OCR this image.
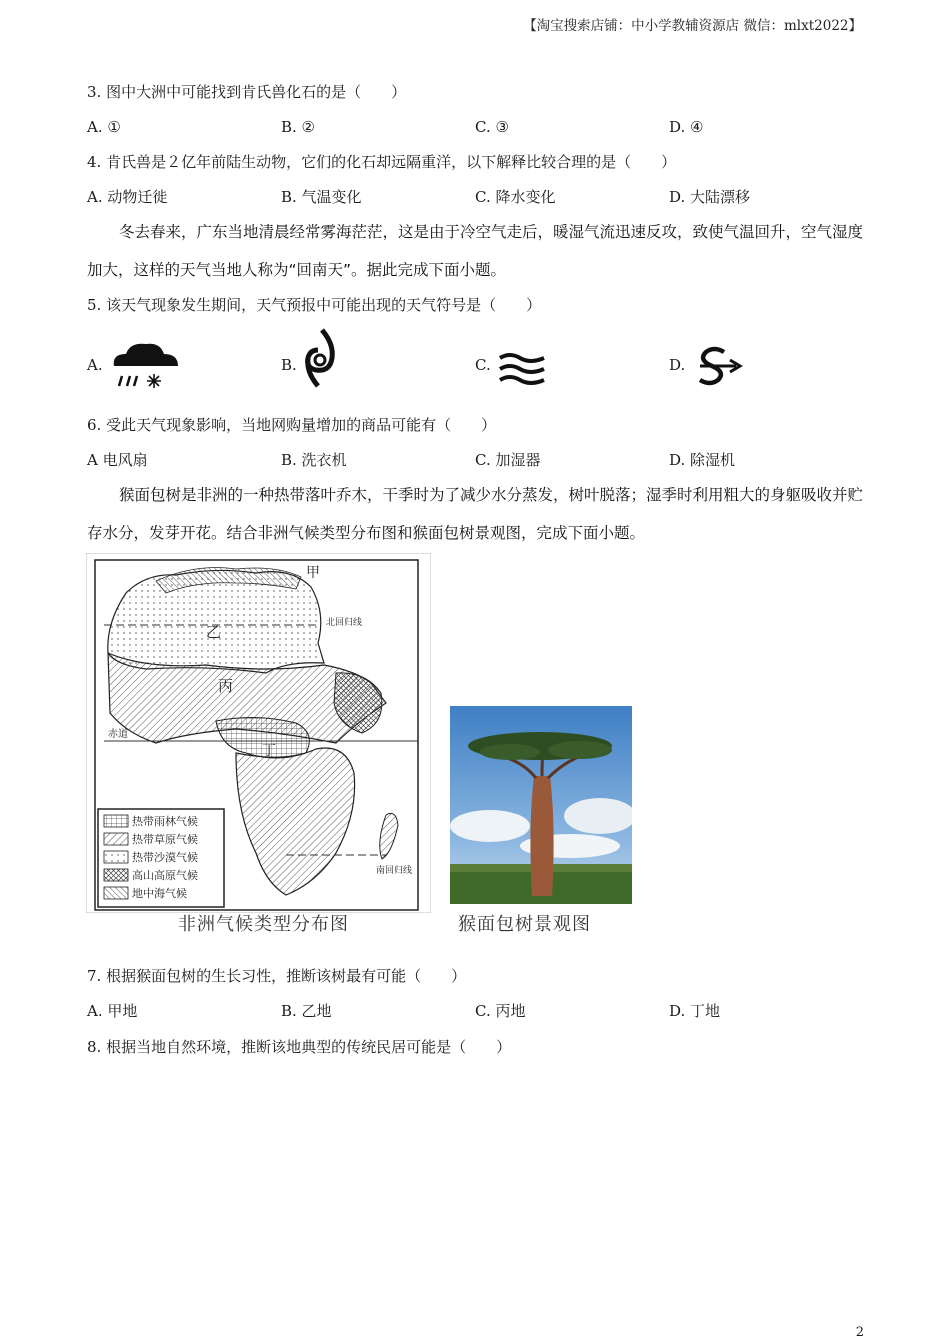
【淘宝搜索店铺：中小学教辅资源店 微信：mlxt2022】
3. 图中大洲中可能找到肯氏兽化石的是（　　）
A. ①	B. ②	C. ③	D. ④
4. 肯氏兽是２亿年前陆生动物，它们的化石却远隔重洋，以下解释比较合理的是（　　）
A. 动物迁徙	B. 气温变化	C. 降水变化	D. 大陆漂移
冬去春来，广东当地清晨经常雾海茫茫，这是由于冷空气走后，暖湿气流迅速反攻，致使气温回升，空气湿度加大，这样的天气当地人称为“回南天”。据此完成下面小题。
5. 该天气现象发生期间，天气预报中可能出现的天气符号是（　　）
A.	B.	C.	D.
6. 受此天气现象影响，当地网购量增加的商品可能有（　　）
A 电风扇	B. 洗衣机	C. 加湿器	D. 除湿机
猴面包树是非洲的一种热带落叶乔木，干季时为了减少水分蒸发，树叶脱落；湿季时利用粗大的身躯吸收并贮存水分，发芽开花。结合非洲气候类型分布图和猴面包树景观图，完成下面小题。
甲
乙
丙
丁
北回归线
赤道
南回归线
热带雨林气候
热带草原气候
热带沙漠气候
高山高原气候
地中海气候
非洲气候类型分布图	猴面包树景观图
7. 根据猴面包树的生长习性，推断该树最有可能（　　）
A. 甲地	B. 乙地	C. 丙地	D. 丁地
8. 根据当地自然环境，推断该地典型的传统民居可能是（　　）
2
